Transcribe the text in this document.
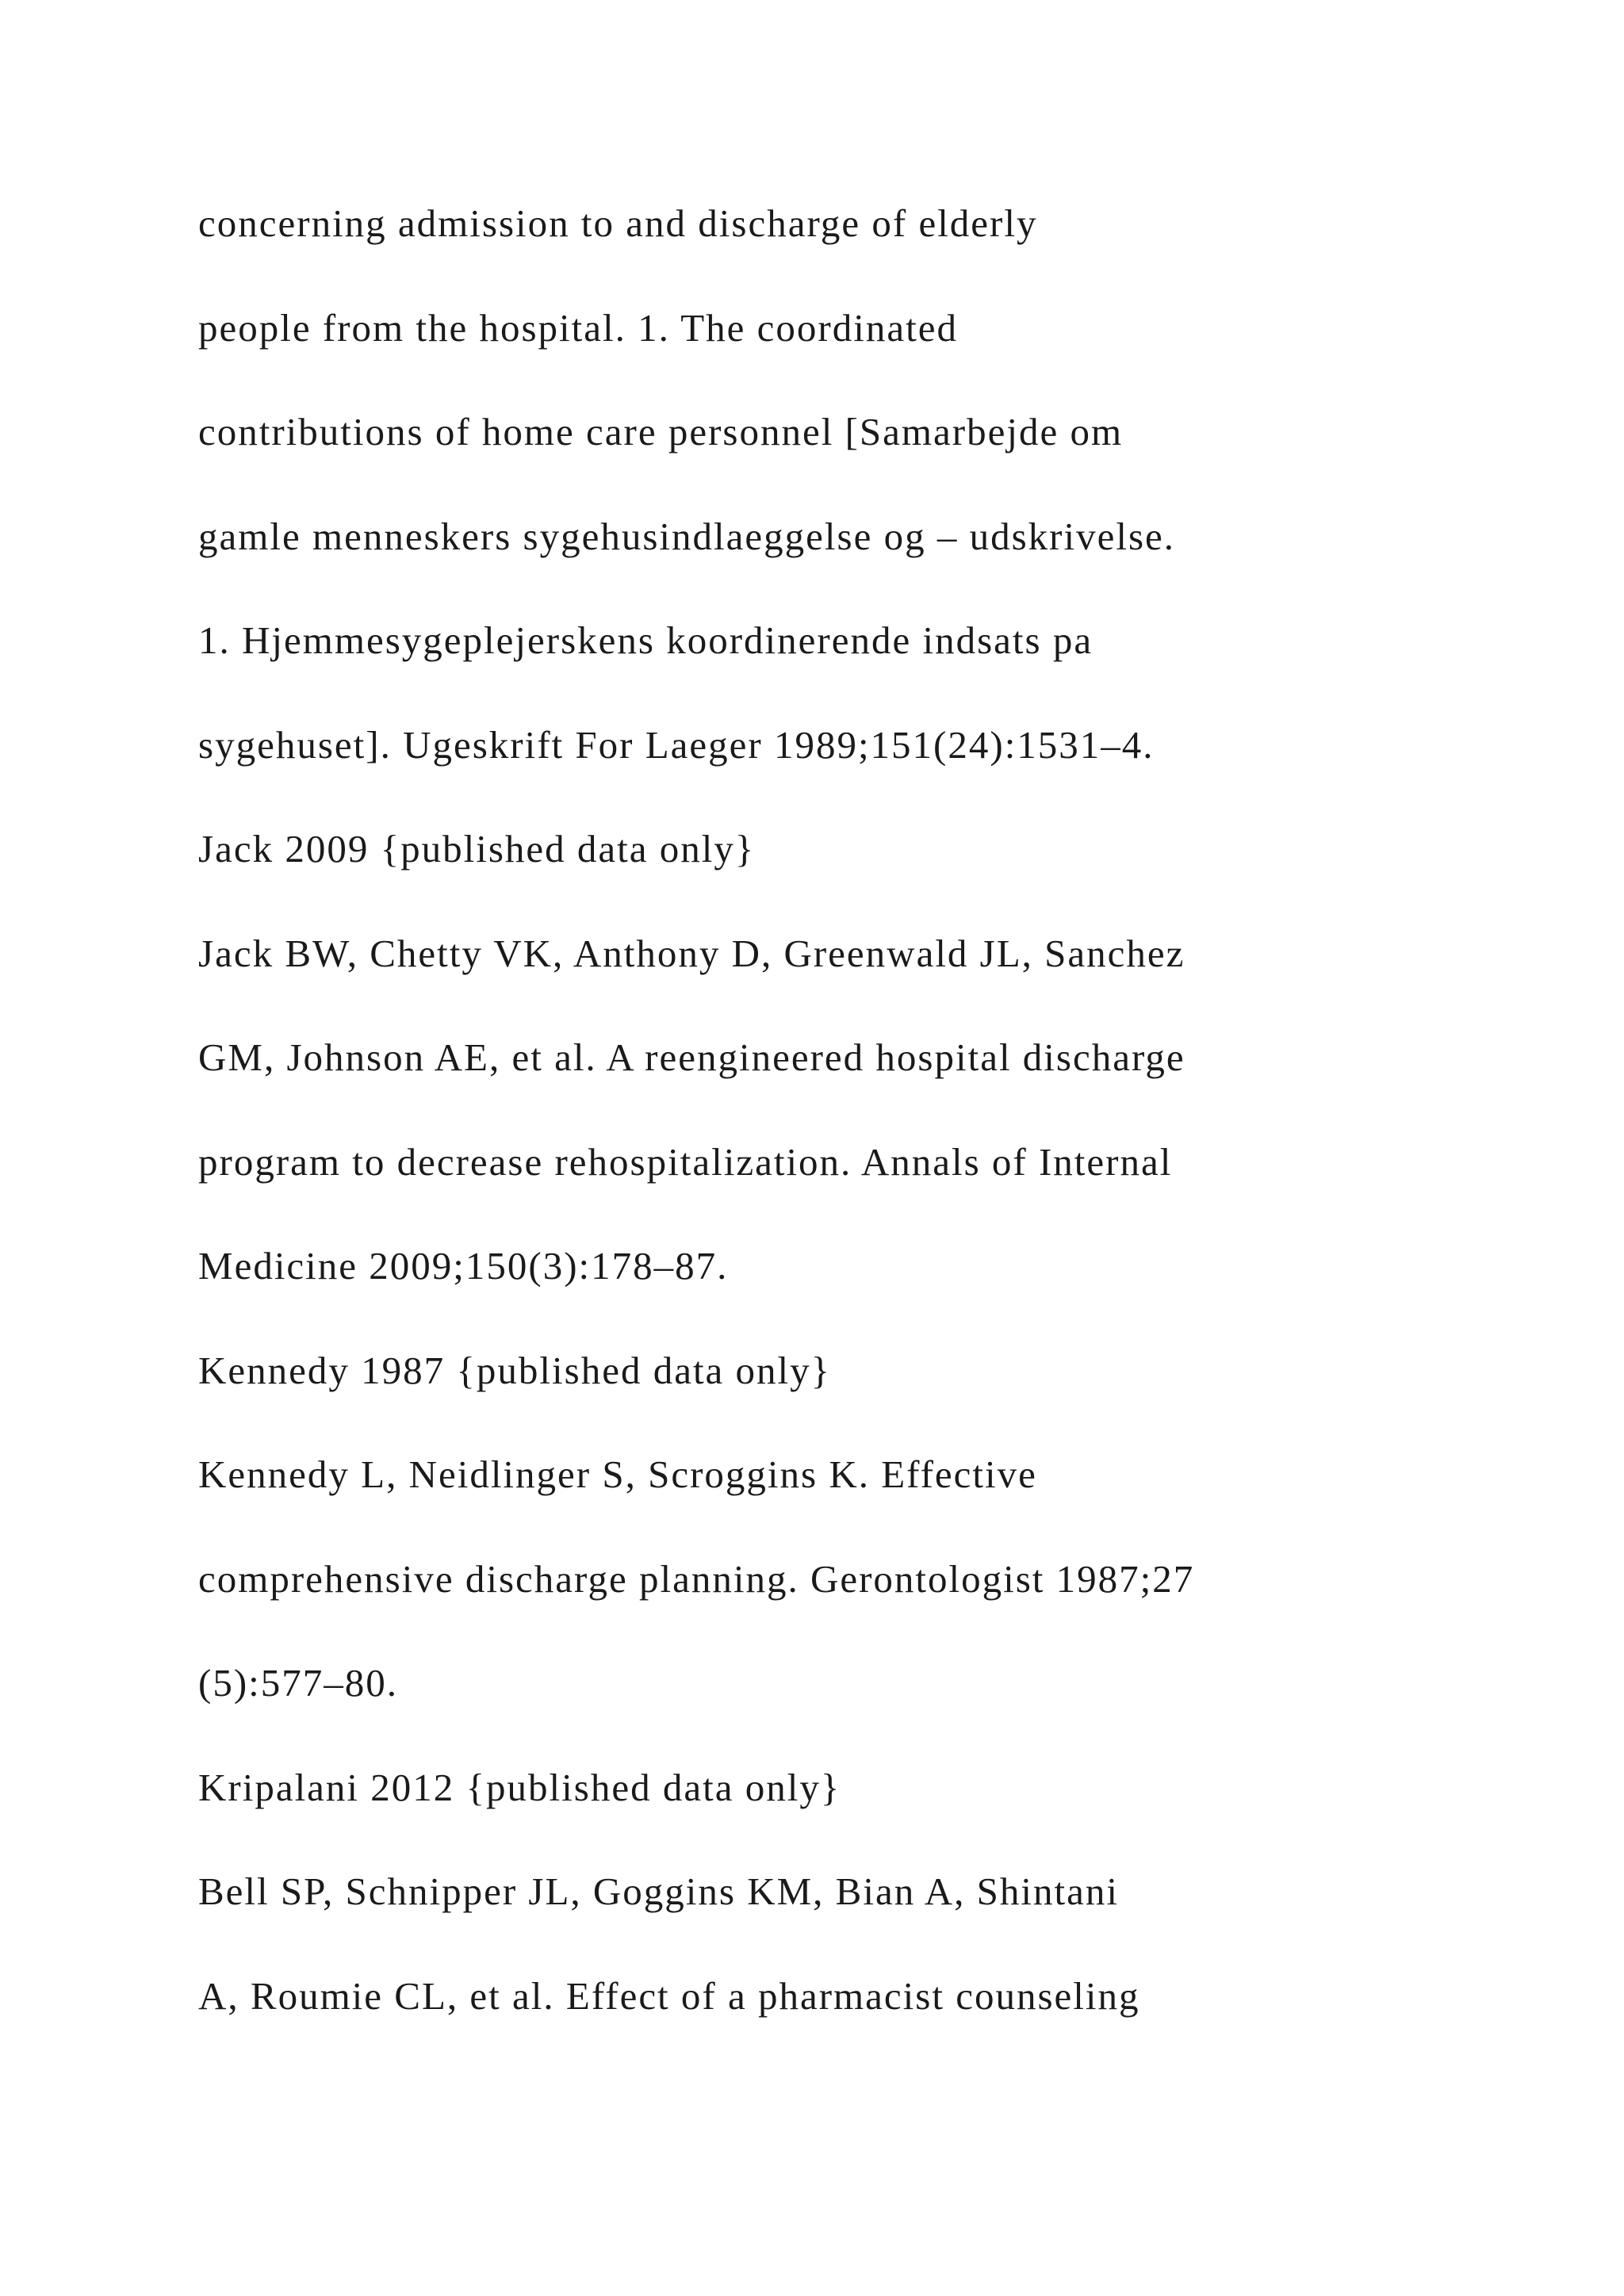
concerning admission to and discharge of elderly
people from the hospital. 1. The coordinated
contributions of home care personnel [Samarbejde om
gamle menneskers sygehusindlaeggelse og – udskrivelse.
1. Hjemmesygeplejerskens koordinerende indsats pa
sygehuset]. Ugeskrift For Laeger 1989;151(24):1531–4.
Jack 2009 {published data only}
Jack BW, Chetty VK, Anthony D, Greenwald JL, Sanchez
GM, Johnson AE, et al. A reengineered hospital discharge
program to decrease rehospitalization. Annals of Internal
Medicine 2009;150(3):178–87.
Kennedy 1987 {published data only}
Kennedy L, Neidlinger S, Scroggins K. Effective
comprehensive discharge planning. Gerontologist 1987;27
(5):577–80.
Kripalani 2012 {published data only}
Bell SP, Schnipper JL, Goggins KM, Bian A, Shintani
A, Roumie CL, et al. Effect of a pharmacist counseling
